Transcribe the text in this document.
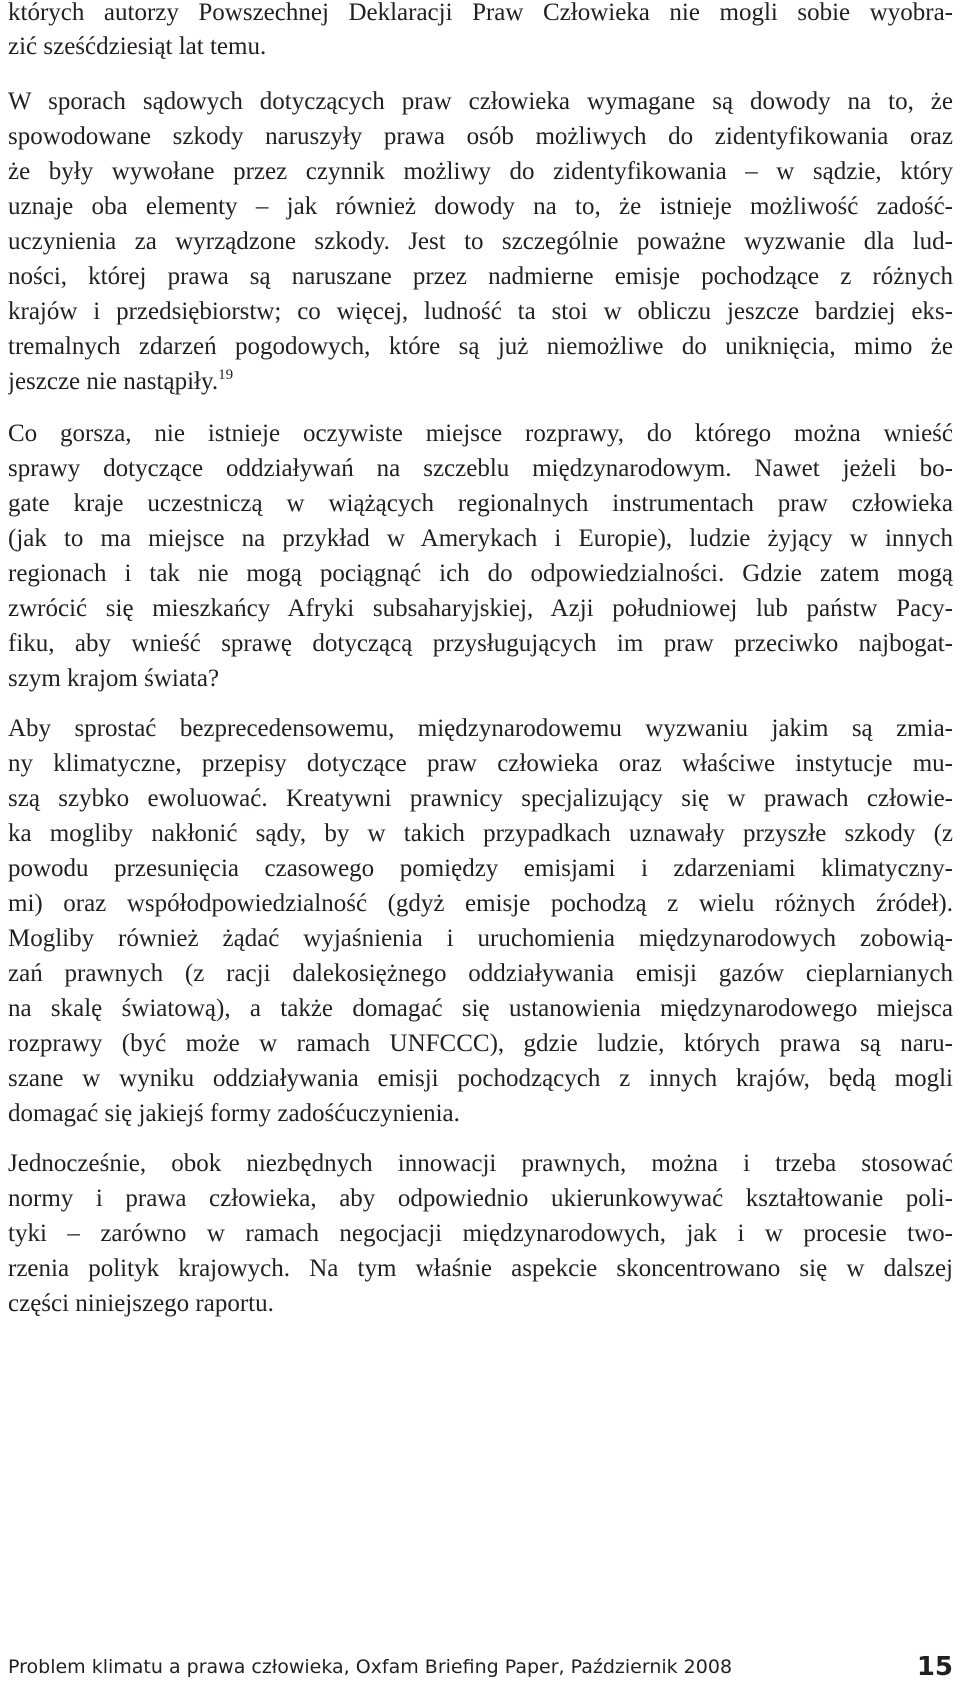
których autorzy Powszechnej Deklaracji Praw Człowieka nie mogli sobie wyobra-
zić sześćdziesiąt lat temu.
W sporach sądowych dotyczących praw człowieka wymagane są dowody na to, że
spowodowane szkody naruszyły prawa osób możliwych do zidentyfikowania oraz
że były wywołane przez czynnik możliwy do zidentyfikowania – w sądzie, który
uznaje oba elementy – jak również dowody na to, że istnieje możliwość zadość-
uczynienia za wyrządzone szkody. Jest to szczególnie poważne wyzwanie dla lud-
ności, której prawa są naruszane przez nadmierne emisje pochodzące z różnych
krajów i przedsiębiorstw; co więcej, ludność ta stoi w obliczu jeszcze bardziej eks-
tremalnych zdarzeń pogodowych, które są już niemożliwe do uniknięcia, mimo że
jeszcze nie nastąpiły.$^{19}$
Co gorsza, nie istnieje oczywiste miejsce rozprawy, do którego można wnieść
sprawy dotyczące oddziaływań na szczeblu międzynarodowym. Nawet jeżeli bo-
gate kraje uczestniczą w wiążących regionalnych instrumentach praw człowieka
(jak to ma miejsce na przykład w Amerykach i Europie), ludzie żyjący w innych
regionach i tak nie mogą pociągnąć ich do odpowiedzialności. Gdzie zatem mogą
zwrócić się mieszkańcy Afryki subsaharyjskiej, Azji południowej lub państw Pacy-
fiku, aby wnieść sprawę dotyczącą przysługujących im praw przeciwko najbogat-
szym krajom świata?
Aby sprostać bezprecedensowemu, międzynarodowemu wyzwaniu jakim są zmia-
ny klimatyczne, przepisy dotyczące praw człowieka oraz właściwe instytucje mu-
szą szybko ewoluować. Kreatywni prawnicy specjalizujący się w prawach człowie-
ka mogliby nakłonić sądy, by w takich przypadkach uznawały przyszłe szkody (z
powodu przesunięcia czasowego pomiędzy emisjami i zdarzeniami klimatyczny-
mi) oraz współodpowiedzialność (gdyż emisje pochodzą z wielu różnych źródeł).
Mogliby również żądać wyjaśnienia i uruchomienia międzynarodowych zobowią-
zań prawnych (z racji dalekosiężnego oddziaływania emisji gazów cieplarnianych
na skalę światową), a także domagać się ustanowienia międzynarodowego miejsca
rozprawy (być może w ramach UNFCCC), gdzie ludzie, których prawa są naru-
szane w wyniku oddziaływania emisji pochodzących z innych krajów, będą mogli
domagać się jakiejś formy zadośćuczynienia.
Jednocześnie, obok niezbędnych innowacji prawnych, można i trzeba stosować
normy i prawa człowieka, aby odpowiednio ukierunkowywać kształtowanie poli-
tyki – zarówno w ramach negocjacji międzynarodowych, jak i w procesie two-
rzenia polityk krajowych. Na tym właśnie aspekcie skoncentrowano się w dalszej
części niniejszego raportu.
Problem klimatu a prawa człowieka, Oxfam Briefing Paper, Październik 2008	15
